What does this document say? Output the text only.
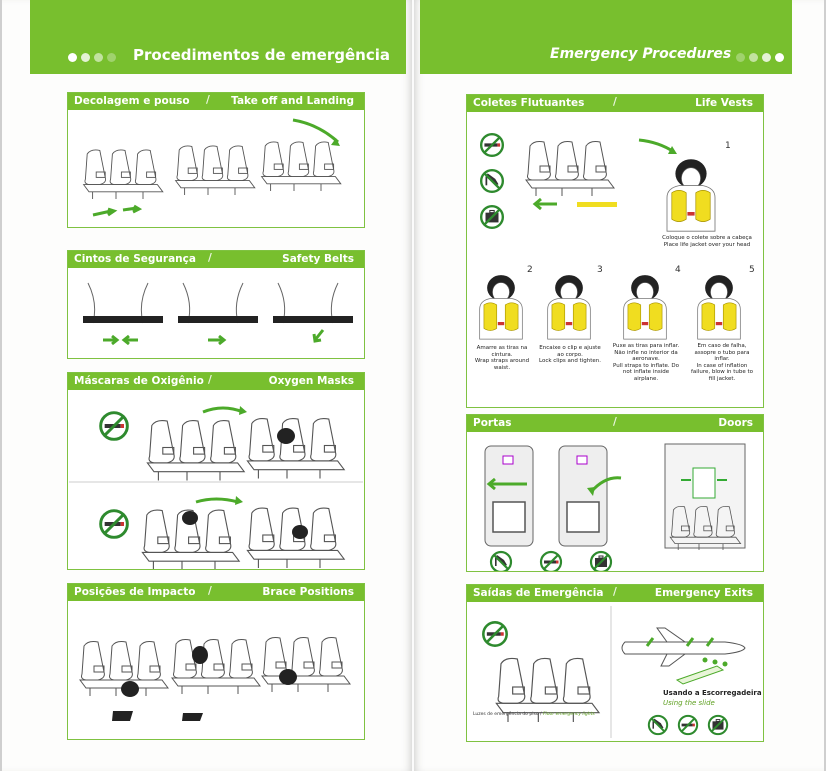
Procedimentos de emergência
Decolagem e pouso / Take off and Landing
Cintos de Segurança /	Safety Belts
Máscaras de Oxigênio /	Oxygen Masks
Posições de Impacto /	Brace Positions
Emergency Procedures
Coletes Flutuantes	/	Life Vests
1
Coloque o colete sobre a cabeça
Place life jacket over your head
2	3	4	5
Amarre as tiras na cintura.
Wrap straps around waist.
Encaixe o clip e ajuste ao corpo.
Lock clips and tighten.
Puxe as tiras para inflar. Não infle no interior da aeronave.
Pull straps to inflate. Do not inflate inside airplane.
Em caso de falha, assopre o tubo para inflar.
In case of inflation failure, blow in tube to fill jacket.
Portas	/	Doors
Saídas de Emergência /	Emergency Exits
Luzes de emergência do piso / Floor emergency lights
Usando a Escorregadeira
Using the slide
